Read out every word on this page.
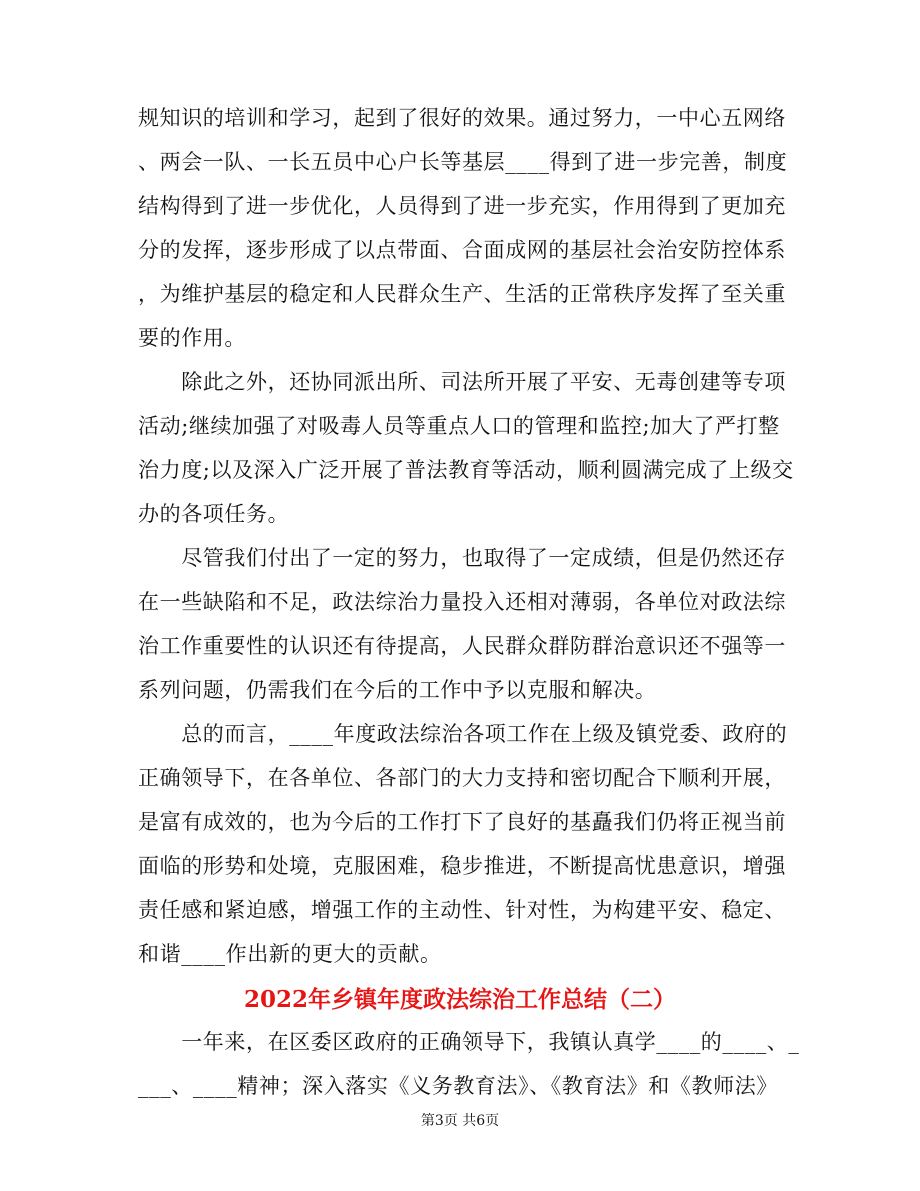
规知识的培训和学习，起到了很好的效果。通过努力，一中心五网络
、两会一队、一长五员中心户长等基层____得到了进一步完善，制度
结构得到了进一步优化，人员得到了进一步充实，作用得到了更加充
分的发挥，逐步形成了以点带面、合面成网的基层社会治安防控体系
，为维护基层的稳定和人民群众生产、生活的正常秩序发挥了至关重
要的作用。
　　除此之外，还协同派出所、司法所开展了平安、无毒创建等专项
活动;继续加强了对吸毒人员等重点人口的管理和监控;加大了严打整
治力度;以及深入广泛开展了普法教育等活动，顺利圆满完成了上级交
办的各项任务。
　　尽管我们付出了一定的努力，也取得了一定成绩，但是仍然还存
在一些缺陷和不足，政法综治力量投入还相对薄弱，各单位对政法综
治工作重要性的认识还有待提高，人民群众群防群治意识还不强等一
系列问题，仍需我们在今后的工作中予以克服和解决。
　　总的而言，____年度政法综治各项工作在上级及镇党委、政府的
正确领导下，在各单位、各部门的大力支持和密切配合下顺利开展，
是富有成效的，也为今后的工作打下了良好的基矗我们仍将正视当前
面临的形势和处境，克服困难，稳步推进，不断提高忧患意识，增强
责任感和紧迫感，增强工作的主动性、针对性，为构建平安、稳定、
和谐____作出新的更大的贡献。
2022年乡镇年度政法综治工作总结（二）
　　一年来，在区委区政府的正确领导下，我镇认真学____的____、_
___、____精神；深入落实《义务教育法》、《教育法》和《教师法》
第3页 共6页
